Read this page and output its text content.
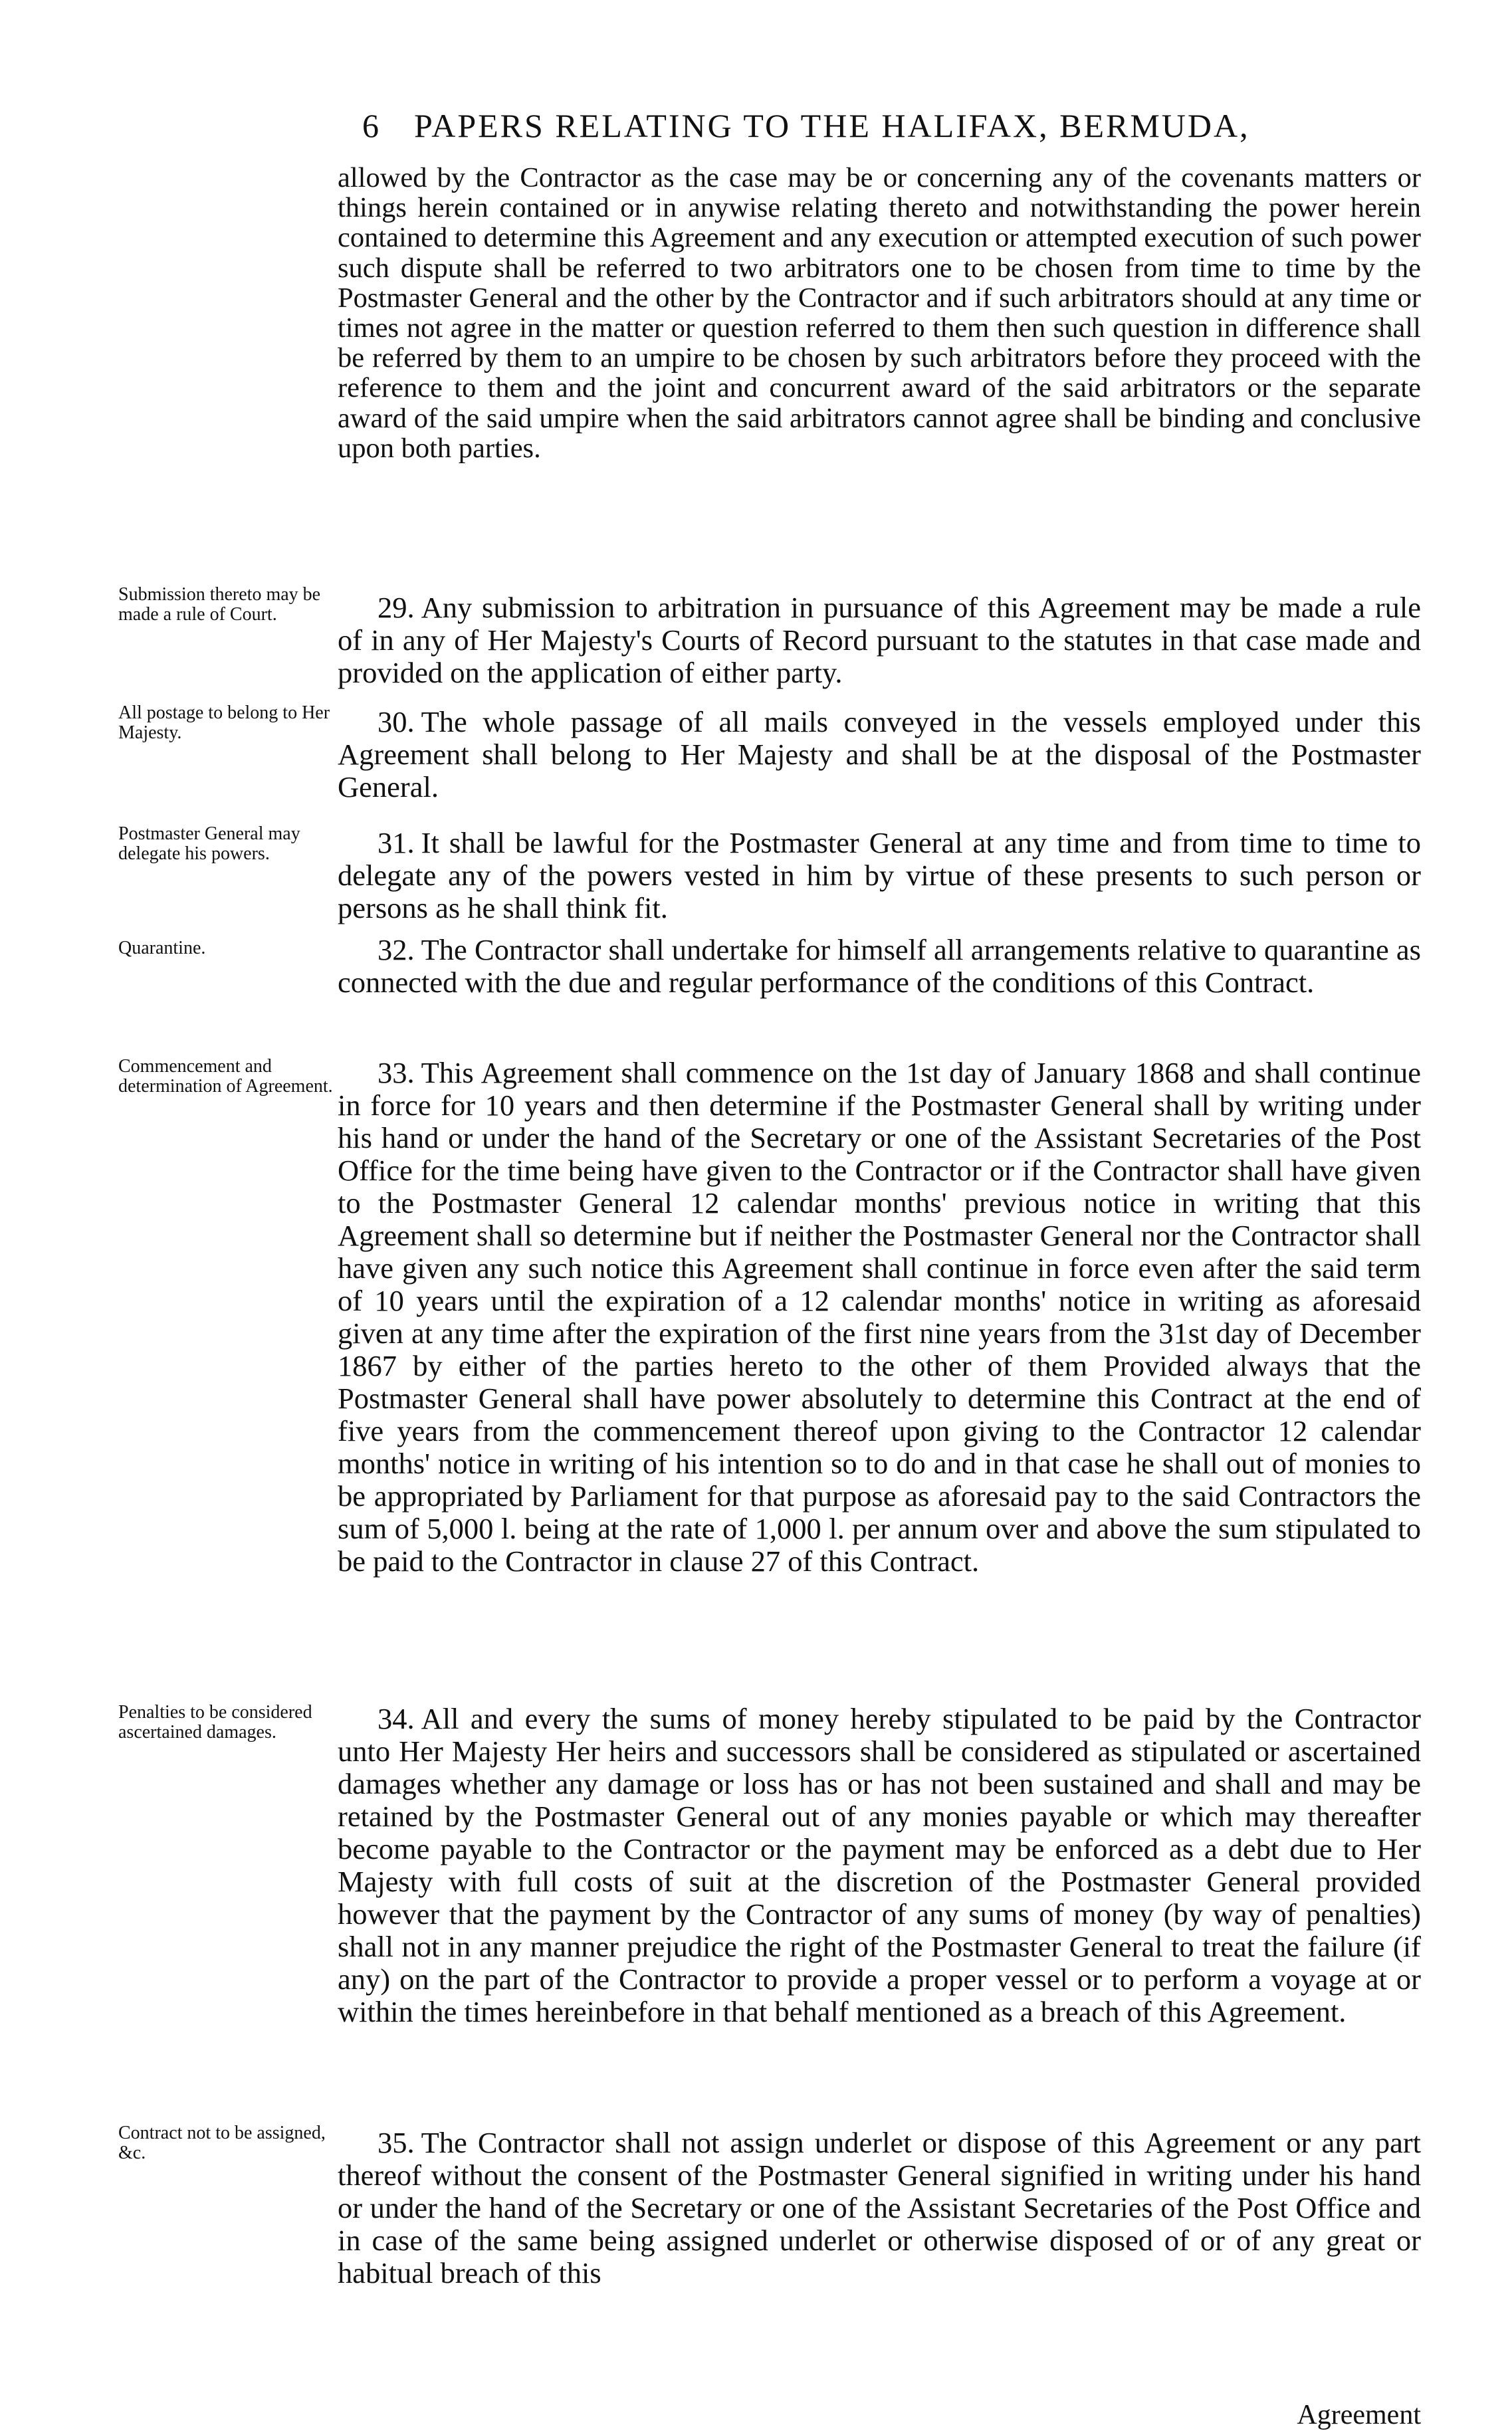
6 PAPERS RELATING TO THE HALIFAX, BERMUDA,

allowed by the Contractor as the case may be or concerning any of the covenants matters or things herein contained or in anywise relating thereto and notwithstanding the power herein contained to determine this Agreement and any execution or attempted execution of such power such dispute shall be referred to two arbitrators one to be chosen from time to time by the Postmaster General and the other by the Contractor and if such arbitrators should at any time or times not agree in the matter or question referred to them then such question in difference shall be referred by them to an umpire to be chosen by such arbitrators before they proceed with the reference to them and the joint and concurrent award of the said arbitrators or the separate award of the said umpire when the said arbitrators cannot agree shall be binding and conclusive upon both parties.

Submission thereto may be made a rule of Court.	29. Any submission to arbitration in pursuance of this Agreement may be made a rule of in any of Her Majesty's Courts of Record pursuant to the statutes in that case made and provided on the application of either party.

All postage to belong to Her Majesty.	30. The whole passage of all mails conveyed in the vessels employed under this Agreement shall belong to Her Majesty and shall be at the disposal of the Postmaster General.

Postmaster General may delegate his powers.	31. It shall be lawful for the Postmaster General at any time and from time to time to delegate any of the powers vested in him by virtue of these presents to such person or persons as he shall think fit.

Quarantine.	32. The Contractor shall undertake for himself all arrangements relative to quarantine as connected with the due and regular performance of the conditions of this Contract.

Commencement and determination of Agreement.	33. This Agreement shall commence on the 1st day of January 1868 and shall continue in force for 10 years and then determine if the Postmaster General shall by writing under his hand or under the hand of the Secretary or one of the Assistant Secretaries of the Post Office for the time being have given to the Contractor or if the Contractor shall have given to the Postmaster General 12 calendar months' previous notice in writing that this Agreement shall so determine but if neither the Postmaster General nor the Contractor shall have given any such notice this Agreement shall continue in force even after the said term of 10 years until the expiration of a 12 calendar months' notice in writing as aforesaid given at any time after the expiration of the first nine years from the 31st day of December 1867 by either of the parties hereto to the other of them Provided always that the Postmaster General shall have power absolutely to determine this Contract at the end of five years from the commencement thereof upon giving to the Contractor 12 calendar months' notice in writing of his intention so to do and in that case he shall out of monies to be appropriated by Parliament for that purpose as aforesaid pay to the said Contractors the sum of 5,000 l. being at the rate of 1,000 l. per annum over and above the sum stipulated to be paid to the Contractor in clause 27 of this Contract.

Penalties to be considered ascertained damages.	34. All and every the sums of money hereby stipulated to be paid by the Contractor unto Her Majesty Her heirs and successors shall be considered as stipulated or ascertained damages whether any damage or loss has or has not been sustained and shall and may be retained by the Postmaster General out of any monies payable or which may thereafter become payable to the Contractor or the payment may be enforced as a debt due to Her Majesty with full costs of suit at the discretion of the Postmaster General provided however that the payment by the Contractor of any sums of money (by way of penalties) shall not in any manner prejudice the right of the Postmaster General to treat the failure (if any) on the part of the Contractor to provide a proper vessel or to perform a voyage at or within the times hereinbefore in that behalf mentioned as a breach of this Agreement.

Contract not to be assigned, &c.	35. The Contractor shall not assign underlet or dispose of this Agreement or any part thereof without the consent of the Postmaster General signified in writing under his hand or under the hand of the Secretary or one of the Assistant Secretaries of the Post Office and in case of the same being assigned underlet or otherwise disposed of or of any great or habitual breach of this

Agreement
